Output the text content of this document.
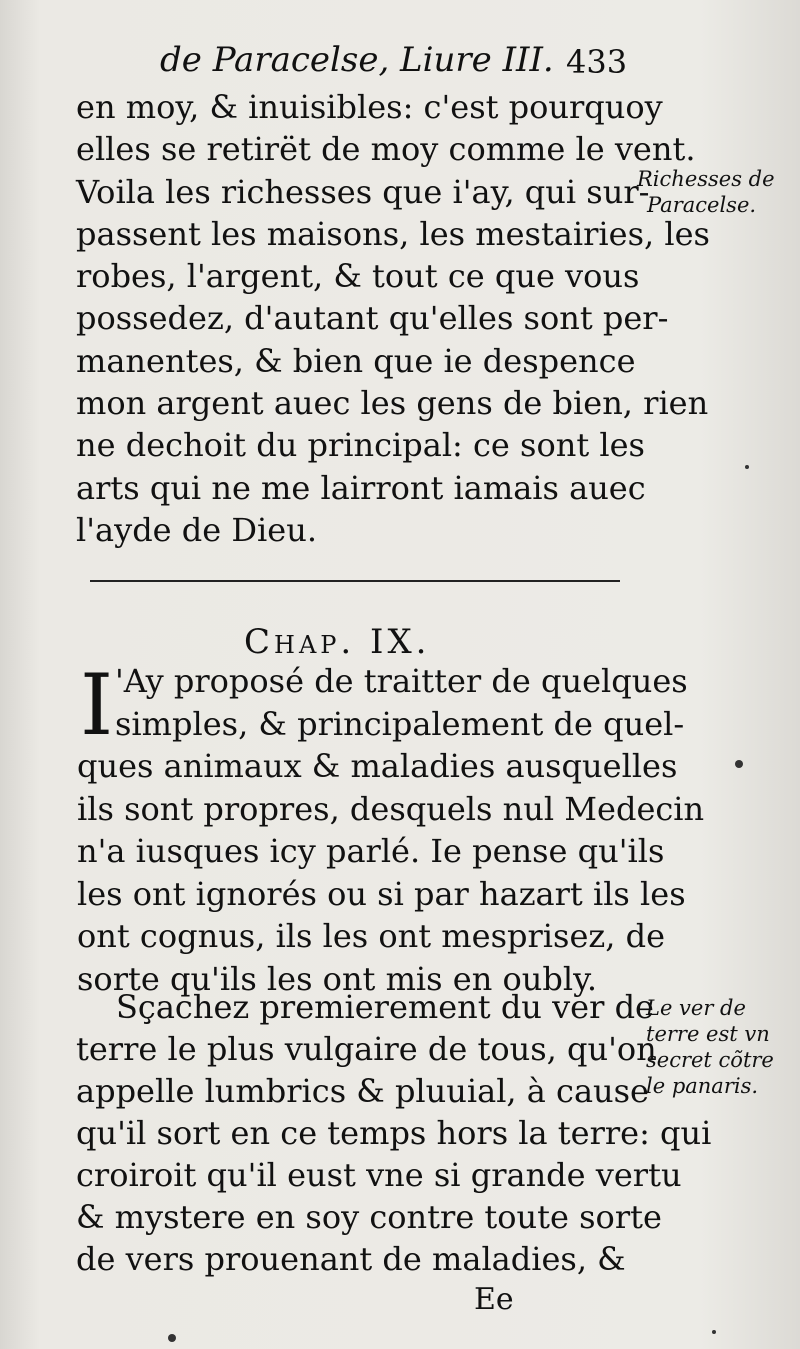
de Paracelse, Liure III. 433
en moy, & inuisibles: c'est pourquoy
elles se retirët de moy comme le vent.
Voila les richesses que i'ay, qui sur-
passent les maisons, les mestairies, les
robes, l'argent, & tout ce que vous
possedez, d'autant qu'elles sont per-
manentes, & bien que ie despence
mon argent auec les gens de bien, rien
ne dechoit du principal: ce sont les
arts qui ne me lairront iamais auec
l'ayde de Dieu.
Richesses de
Paracelse.
Chap. IX.
I 'Ay proposé de traitter de quelques
simples, & principalement de quel-
ques animaux & maladies ausquelles
ils sont propres, desquels nul Medecin
n'a iusques icy parlé. Ie pense qu'ils
les ont ignorés ou si par hazart ils les
ont cognus, ils les ont mesprisez, de
sorte qu'ils les ont mis en oubly.
Sçachez premierement du ver de
terre le plus vulgaire de tous, qu'on
appelle lumbrics & pluuial, à cause
qu'il sort en ce temps hors la terre: qui
croiroit qu'il eust vne si grande vertu
& mystere en soy contre toute sorte
de vers prouenant de maladies, &
Le ver de
terre est vn
secret cõtre
le panaris.
Ee
